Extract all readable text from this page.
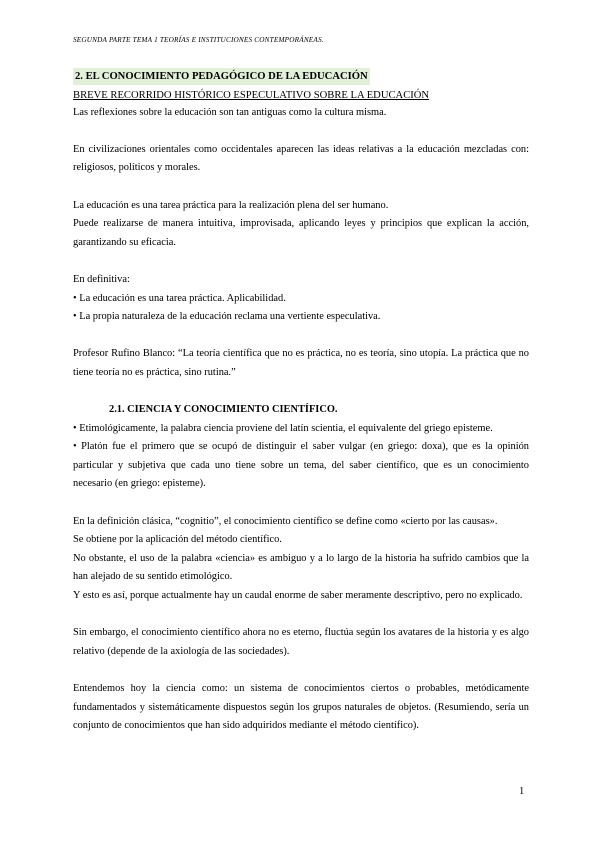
SEGUNDA PARTE TEMA 1 TEORÍAS E INSTITUCIONES CONTEMPORÁNEAS.
2. EL CONOCIMIENTO PEDAGÓGICO DE LA EDUCACIÓN

BREVE RECORRIDO HISTÓRICO ESPECULATIVO SOBRE LA EDUCACIÓN

Las reflexiones sobre la educación son tan antiguas como la cultura misma.

En civilizaciones orientales como occidentales aparecen las ideas relativas a la educación mezcladas con: religiosos, políticos y morales.

La educación es una tarea práctica para la realización plena del ser humano.

Puede realizarse de manera intuitiva, improvisada, aplicando leyes y principios que explican la acción, garantizando su eficacia.

En definitiva:

• La educación es una tarea práctica. Aplicabilidad.

• La propia naturaleza de la educación reclama una vertiente especulativa.

Profesor Rufino Blanco: “La teoría científica que no es práctica, no es teoría, sino utopía. La práctica que no tiene teoría no es práctica, sino rutina.”

2.1. CIENCIA Y CONOCIMIENTO CIENTÍFICO.

• Etimológicamente, la palabra ciencia proviene del latín scientia, el equivalente del griego episteme.

• Platón fue el primero que se ocupó de distinguir el saber vulgar (en griego: doxa), que es la opinión particular y subjetiva que cada uno tiene sobre un tema, del saber científico, que es un conocimiento necesario (en griego: episteme).

En la definición clásica, “cognitio”, el conocimiento científico se define como «cierto por las causas».

Se obtiene por la aplicación del método científico.

No obstante, el uso de la palabra «ciencia» es ambiguo y a lo largo de la historia ha sufrido cambios que la han alejado de su sentido etimológico.

Y esto es así, porque actualmente hay un caudal enorme de saber meramente descriptivo, pero no explicado.

Sin embargo, el conocimiento científico ahora no es eterno, fluctúa según los avatares de la historia y es algo relativo (depende de la axiología de las sociedades).

Entendemos hoy la ciencia como: un sistema de conocimientos ciertos o probables, metódicamente fundamentados y sistemáticamente dispuestos según los grupos naturales de objetos. (Resumiendo, sería un conjunto de conocimientos que han sido adquiridos mediante el método científico).

1
